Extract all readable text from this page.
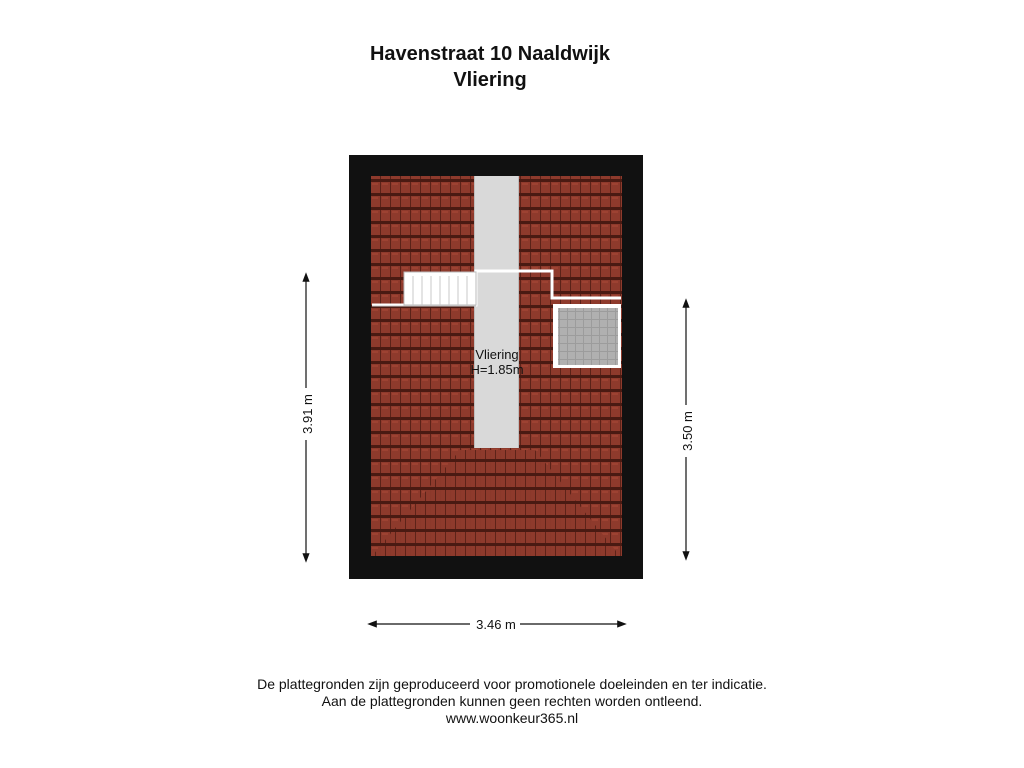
Havenstraat 10 Naaldwijk
Vliering
3.91 m	3.50 m
3.46 m
Vliering
H=1.85m
De plattegronden zijn geproduceerd voor promotionele doeleinden en ter indicatie.
Aan de plattegronden kunnen geen rechten worden ontleend.
www.woonkeur365.nl
